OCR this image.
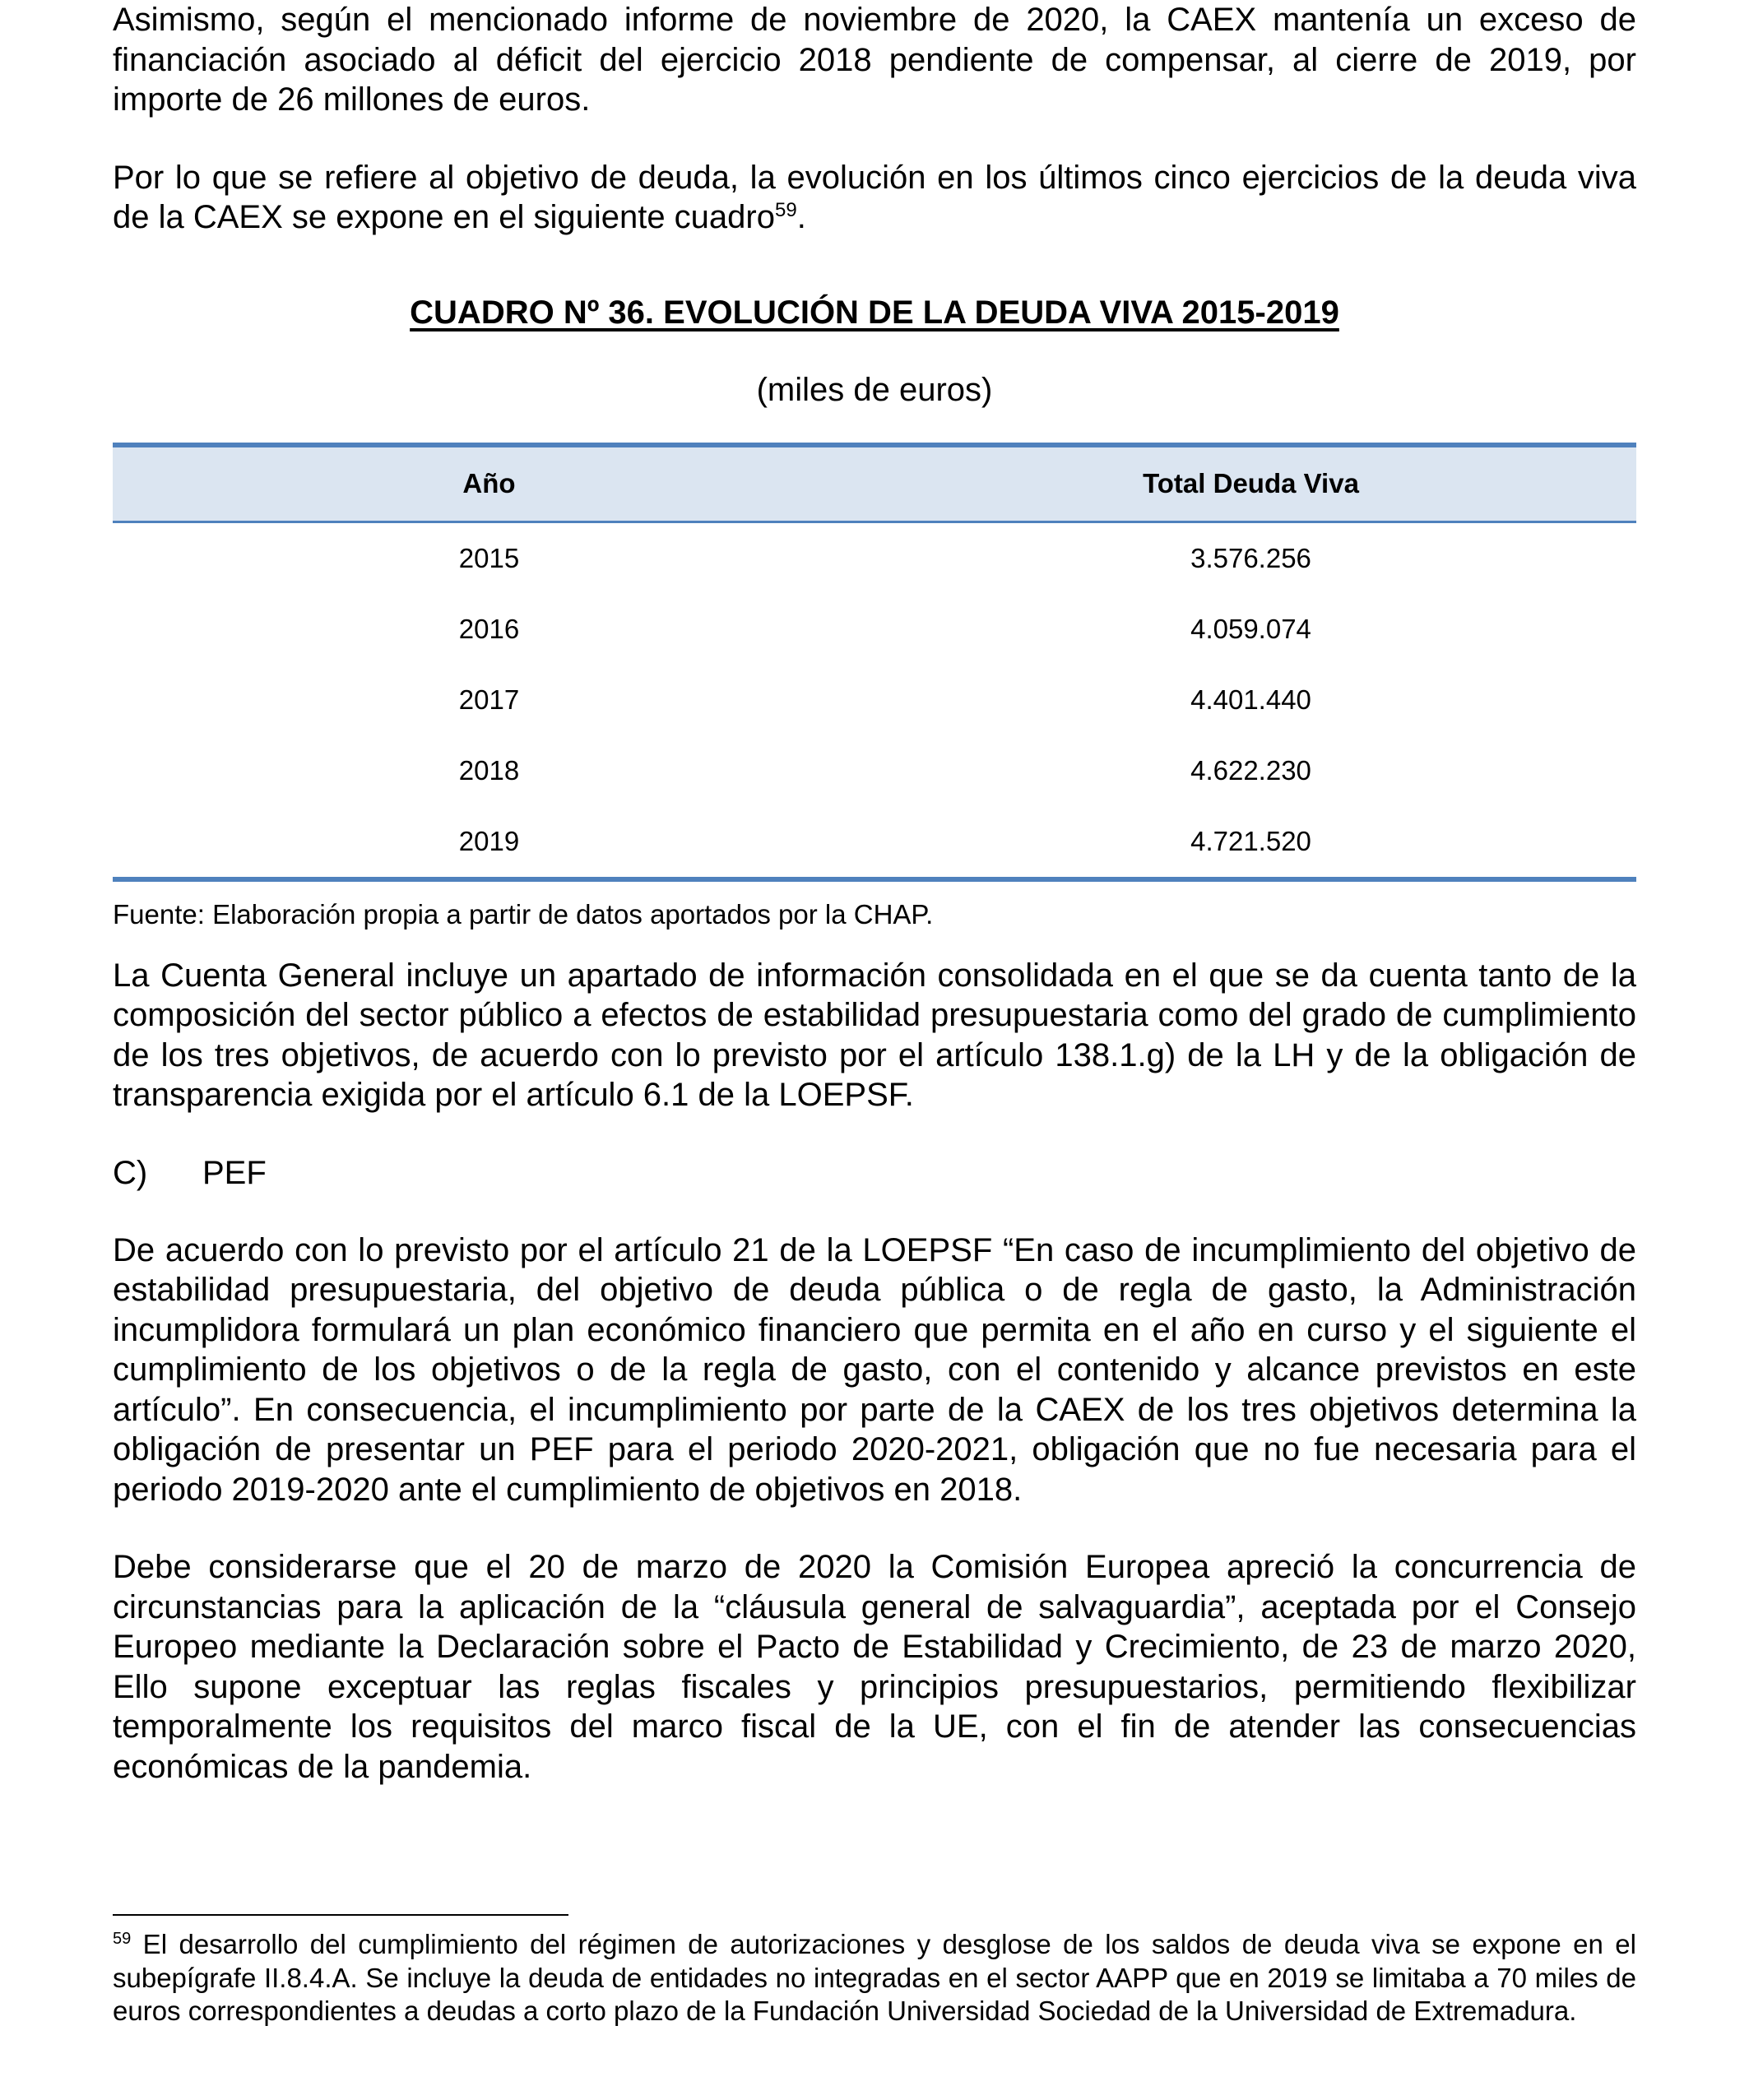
Asimismo, según el mencionado informe de noviembre de 2020, la CAEX mantenía un exceso de financiación asociado al déficit del ejercicio 2018 pendiente de compensar, al cierre de 2019, por importe de 26 millones de euros.

Por lo que se refiere al objetivo de deuda, la evolución en los últimos cinco ejercicios de la deuda viva de la CAEX se expone en el siguiente cuadro$^{59}$.

CUADRO Nº 36. EVOLUCIÓN DE LA DEUDA VIVA 2015-2019

(miles de euros)

Año	Total Deuda Viva
2015	3.576.256
2016	4.059.074
2017	4.401.440
2018	4.622.230
2019	4.721.520

Fuente: Elaboración propia a partir de datos aportados por la CHAP.

La Cuenta General incluye un apartado de información consolidada en el que se da cuenta tanto de la composición del sector público a efectos de estabilidad presupuestaria como del grado de cumplimiento de los tres objetivos, de acuerdo con lo previsto por el artículo 138.1.g) de la LH y de la obligación de transparencia exigida por el artículo 6.1 de la LOEPSF.

C) PEF

De acuerdo con lo previsto por el artículo 21 de la LOEPSF “En caso de incumplimiento del objetivo de estabilidad presupuestaria, del objetivo de deuda pública o de regla de gasto, la Administración incumplidora formulará un plan económico financiero que permita en el año en curso y el siguiente el cumplimiento de los objetivos o de la regla de gasto, con el contenido y alcance previstos en este artículo”. En consecuencia, el incumplimiento por parte de la CAEX de los tres objetivos determina la obligación de presentar un PEF para el periodo 2020-2021, obligación que no fue necesaria para el periodo 2019-2020 ante el cumplimiento de objetivos en 2018.

Debe considerarse que el 20 de marzo de 2020 la Comisión Europea apreció la concurrencia de circunstancias para la aplicación de la “cláusula general de salvaguardia”, aceptada por el Consejo Europeo mediante la Declaración sobre el Pacto de Estabilidad y Crecimiento, de 23 de marzo 2020, Ello supone exceptuar las reglas fiscales y principios presupuestarios, permitiendo flexibilizar temporalmente los requisitos del marco fiscal de la UE, con el fin de atender las consecuencias económicas de la pandemia.

$^{59}$ El desarrollo del cumplimiento del régimen de autorizaciones y desglose de los saldos de deuda viva se expone en el subepígrafe II.8.4.A. Se incluye la deuda de entidades no integradas en el sector AAPP que en 2019 se limitaba a 70 miles de euros correspondientes a deudas a corto plazo de la Fundación Universidad Sociedad de la Universidad de Extremadura.
